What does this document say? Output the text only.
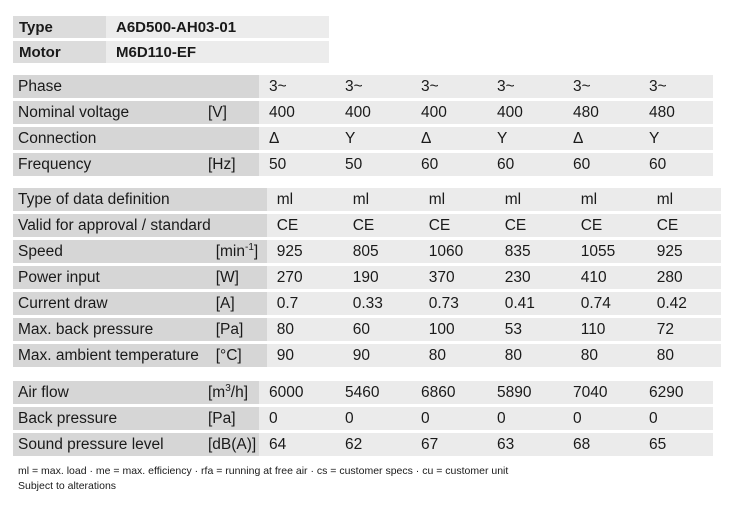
Type	A6D500-AH03-01
Motor	M6D110-EF
Phase		3~	3~	3~	3~	3~	3~
Nominal voltage	[V]	400	400	400	400	480	480
Connection		Δ	Y	Δ	Y	Δ	Y
Frequency	[Hz]	50	50	60	60	60	60
Type of data definition		ml	ml	ml	ml	ml	ml
Valid for approval / standard		CE	CE	CE	CE	CE	CE
Speed	$[\min^{-1}]$	925	805	1060	835	1055	925
Power input	[W]	270	190	370	230	410	280
Current draw	[A]	0.7	0.33	0.73	0.41	0.74	0.42
Max. back pressure	[Pa]	80	60	100	53	110	72
Max. ambient temperature	[°C]	90	90	80	80	80	80
Air flow	$[m^3/h]$	6000	5460	6860	5890	7040	6290
Back pressure	[Pa]	0	0	0	0	0	0
Sound pressure level	[dB(A)]	64	62	67	63	68	65
ml = max. load · me = max. efficiency · rfa = running at free air · cs = customer specs · cu = customer unit
Subject to alterations
